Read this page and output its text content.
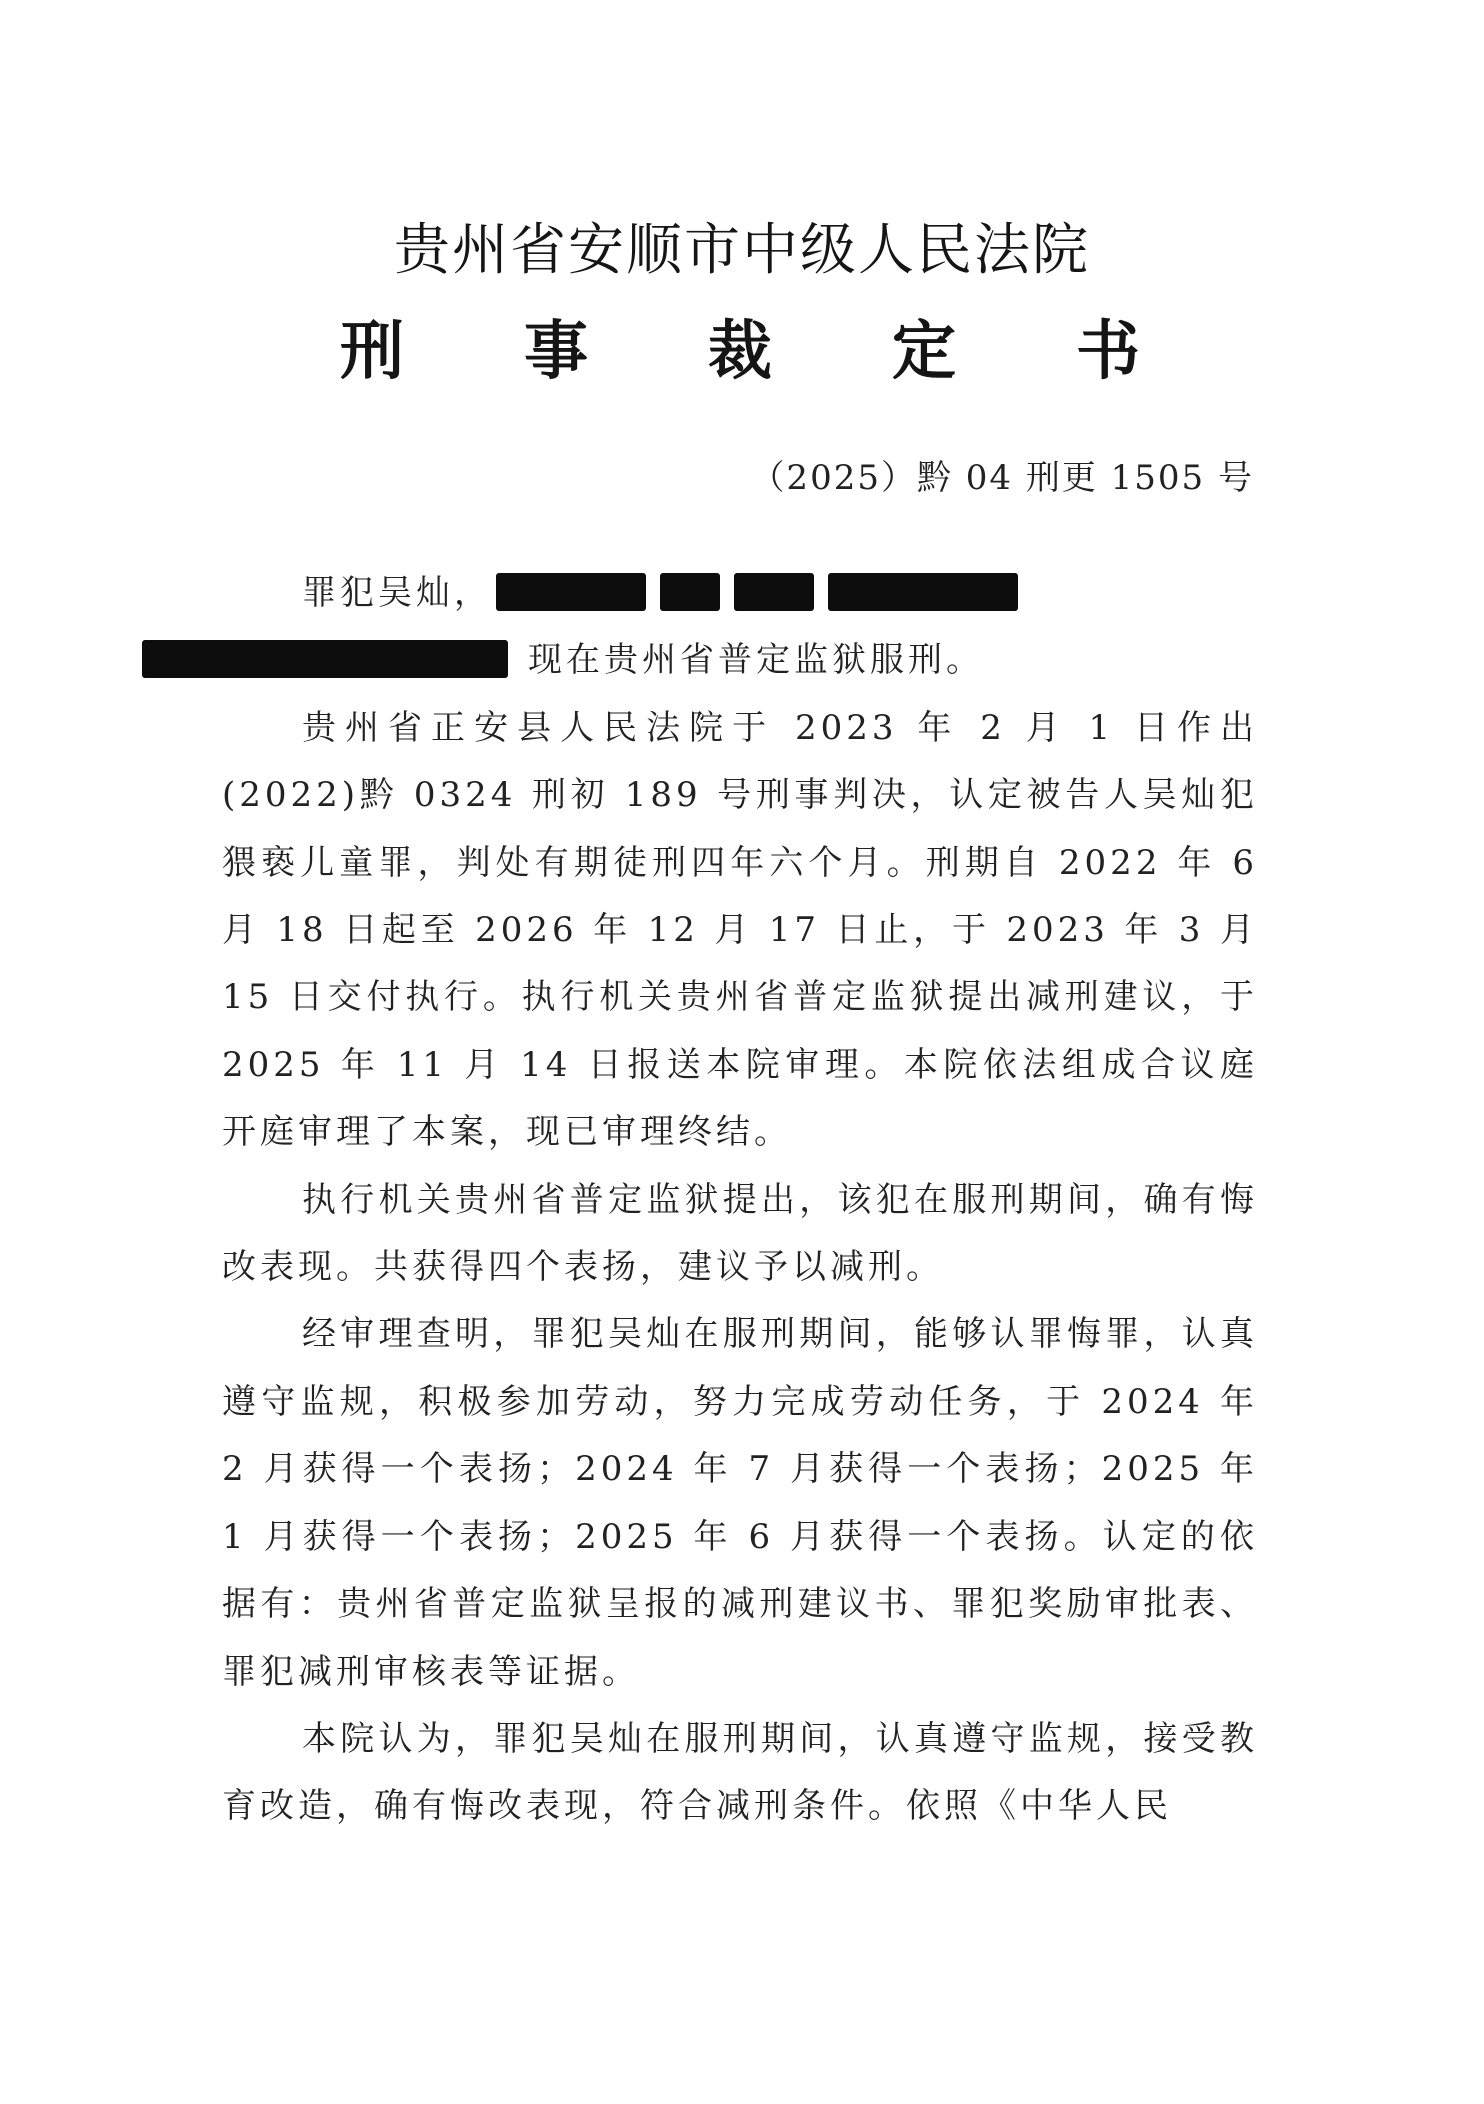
贵州省安顺市中级人民法院
刑 事 裁 定 书
（2025）黔 04 刑更 1505 号

罪犯吴灿，
现在贵州省普定监狱服刑。

贵州省正安县人民法院于 2023 年 2 月 1 日作出(2022)黔 0324 刑初 189 号刑事判决，认定被告人吴灿犯猥亵儿童罪，判处有期徒刑四年六个月。刑期自 2022 年 6 月 18 日起至 2026 年 12 月 17 日止，于 2023 年 3 月 15 日交付执行。执行机关贵州省普定监狱提出减刑建议，于 2025 年 11 月 14 日报送本院审理。本院依法组成合议庭开庭审理了本案，现已审理终结。

执行机关贵州省普定监狱提出，该犯在服刑期间，确有悔改表现。共获得四个表扬，建议予以减刑。

经审理查明，罪犯吴灿在服刑期间，能够认罪悔罪，认真遵守监规，积极参加劳动，努力完成劳动任务，于 2024 年 2 月获得一个表扬；2024 年 7 月获得一个表扬；2025 年 1 月获得一个表扬；2025 年 6 月获得一个表扬。认定的依据有：贵州省普定监狱呈报的减刑建议书、罪犯奖励审批表、罪犯减刑审核表等证据。

本院认为，罪犯吴灿在服刑期间，认真遵守监规，接受教育改造，确有悔改表现，符合减刑条件。依照《中华人民
